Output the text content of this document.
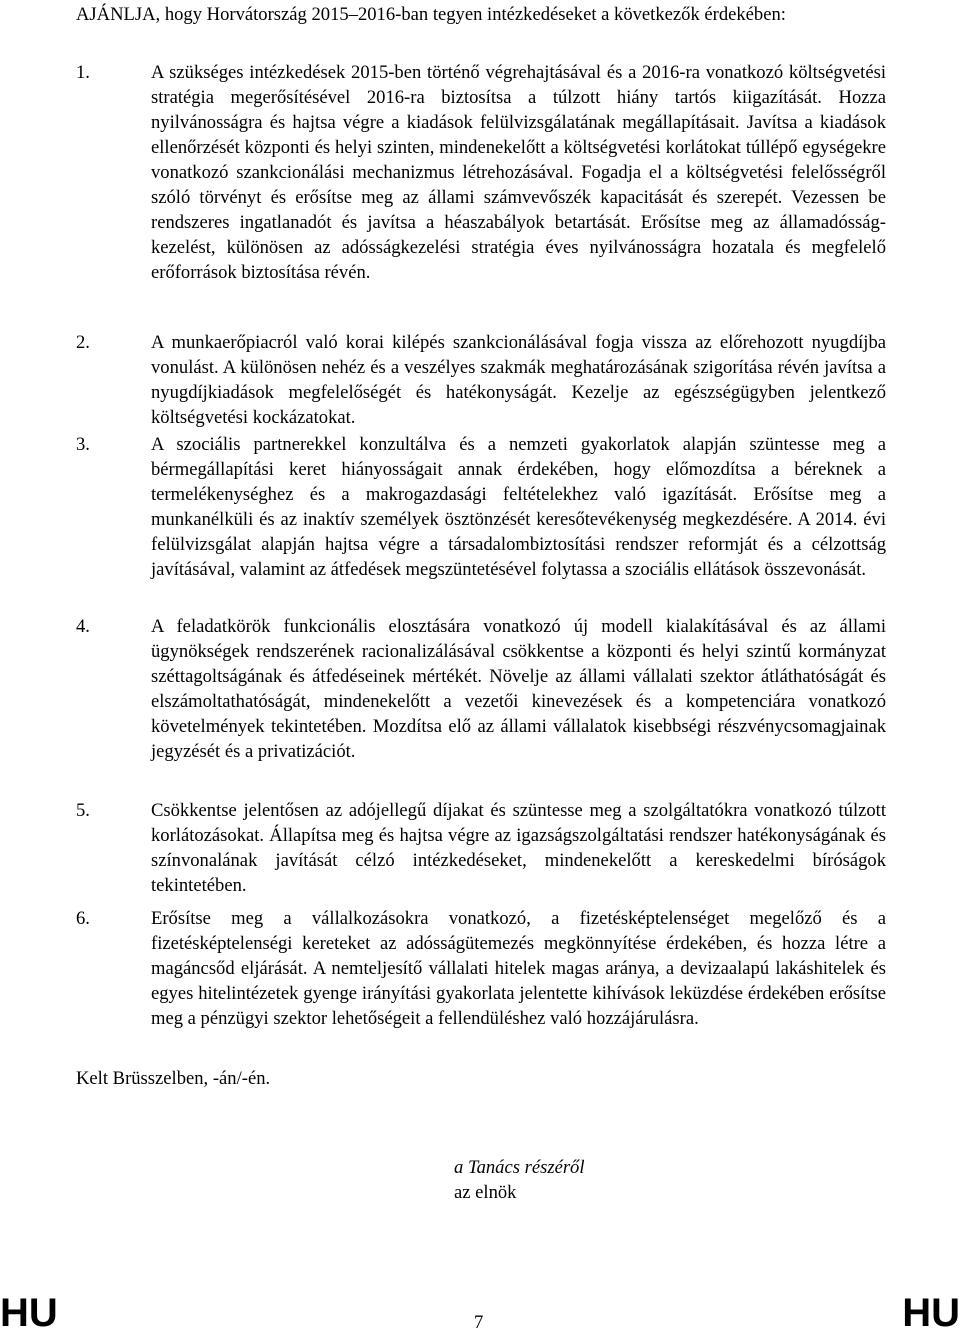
AJÁNLJA, hogy Horvátország 2015–2016-ban tegyen intézkedéseket a következők érdekében:

1.	A szükséges intézkedések 2015-ben történő végrehajtásával és a 2016-ra vonatkozó költségvetési stratégia megerősítésével 2016-ra biztosítsa a túlzott hiány tartós kiigazítását. Hozza nyilvánosságra és hajtsa végre a kiadások felülvizsgálatának megállapításait. Javítsa a kiadások ellenőrzését központi és helyi szinten, mindenekelőtt a költségvetési korlátokat túllépő egységekre vonatkozó szankcionálási mechanizmus létrehozásával. Fogadja el a költségvetési felelősségről szóló törvényt és erősítse meg az állami számvevőszék kapacitását és szerepét. Vezessen be rendszeres ingatlanadót és javítsa a héaszabályok betartását. Erősítse meg az államadósság-kezelést, különösen az adósságkezelési stratégia éves nyilvánosságra hozatala és megfelelő erőforrások biztosítása révén.

2.	A munkaerőpiacról való korai kilépés szankcionálásával fogja vissza az előrehozott nyugdíjba vonulást. A különösen nehéz és a veszélyes szakmák meghatározásának szigorítása révén javítsa a nyugdíjkiadások megfelelőségét és hatékonyságát. Kezelje az egészségügyben jelentkező költségvetési kockázatokat.

3.	A szociális partnerekkel konzultálva és a nemzeti gyakorlatok alapján szüntesse meg a bérmegállapítási keret hiányosságait annak érdekében, hogy előmozdítsa a béreknek a termelékenységhez és a makrogazdasági feltételekhez való igazítását. Erősítse meg a munkanélküli és az inaktív személyek ösztönzését keresőtevékenység megkezdésére. A 2014. évi felülvizsgálat alapján hajtsa végre a társadalombiztosítási rendszer reformját és a célzottság javításával, valamint az átfedések megszüntetésével folytassa a szociális ellátások összevonását.

4.	A feladatkörök funkcionális elosztására vonatkozó új modell kialakításával és az állami ügynökségek rendszerének racionalizálásával csökkentse a központi és helyi szintű kormányzat széttagoltságának és átfedéseinek mértékét. Növelje az állami vállalati szektor átláthatóságát és elszámoltathatóságát, mindenekelőtt a vezetői kinevezések és a kompetenciára vonatkozó követelmények tekintetében. Mozdítsa elő az állami vállalatok kisebbségi részvénycsomagjainak jegyzését és a privatizációt.

5.	Csökkentse jelentősen az adójellegű díjakat és szüntesse meg a szolgáltatókra vonatkozó túlzott korlátozásokat. Állapítsa meg és hajtsa végre az igazságszolgáltatási rendszer hatékonyságának és színvonalának javítását célzó intézkedéseket, mindenekelőtt a kereskedelmi bíróságok tekintetében.

6.	Erősítse meg a vállalkozásokra vonatkozó, a fizetésképtelenséget megelőző és a fizetésképtelenségi kereteket az adósságütemezés megkönnyítése érdekében, és hozza létre a magáncsőd eljárását. A nemteljesítő vállalati hitelek magas aránya, a devizaalapú lakáshitelek és egyes hitelintézetek gyenge irányítási gyakorlata jelentette kihívások leküzdése érdekében erősítse meg a pénzügyi szektor lehetőségeit a fellendüléshez való hozzájárulásra.

Kelt Brüsszelben, -án/-én.

a Tanács részéről
az elnök
HU	7	HU
